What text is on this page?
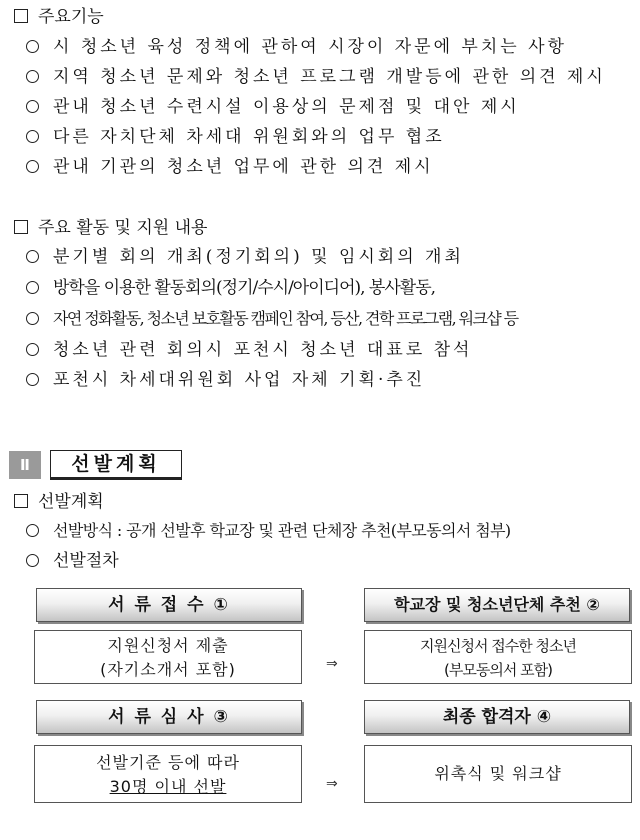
주요기능
시 청소년 육성 정책에 관하여 시장이 자문에 부치는 사항
지역 청소년 문제와 청소년 프로그램 개발등에 관한 의견 제시
관내 청소년 수련시설 이용상의 문제점 및 대안 제시
다른 자치단체 차세대 위원회와의 업무 협조
관내 기관의 청소년 업무에 관한 의견 제시
주요 활동 및 지원 내용
분기별 회의 개최(정기회의) 및 임시회의 개최
방학을 이용한 활동회의(정기/수시/아이디어), 봉사활동,
자연 정화활동, 청소년 보호활동 캠페인 참여, 등산, 견학 프로그램, 워크샵 등
청소년 관련 회의시 포천시 청소년 대표로 참석
포천시 차세대위원회 사업 자체 기획·추진
Ⅱ	선발계획
선발계획
선발방식 : 공개 선발후 학교장 및 관련 단체장 추천(부모동의서 첨부)
선발절차
서 류 접 수 ①
지원신청서 제출
(자기소개서 포함)	⇒
학교장 및 청소년단체 추천 ②
지원신청서 접수한 청소년
(부모동의서 포함)
서 류 심 사 ③
선발기준 등에 따라
30명 이내 선발	⇒
최종 합격자 ④
위촉식 및 워크샵
